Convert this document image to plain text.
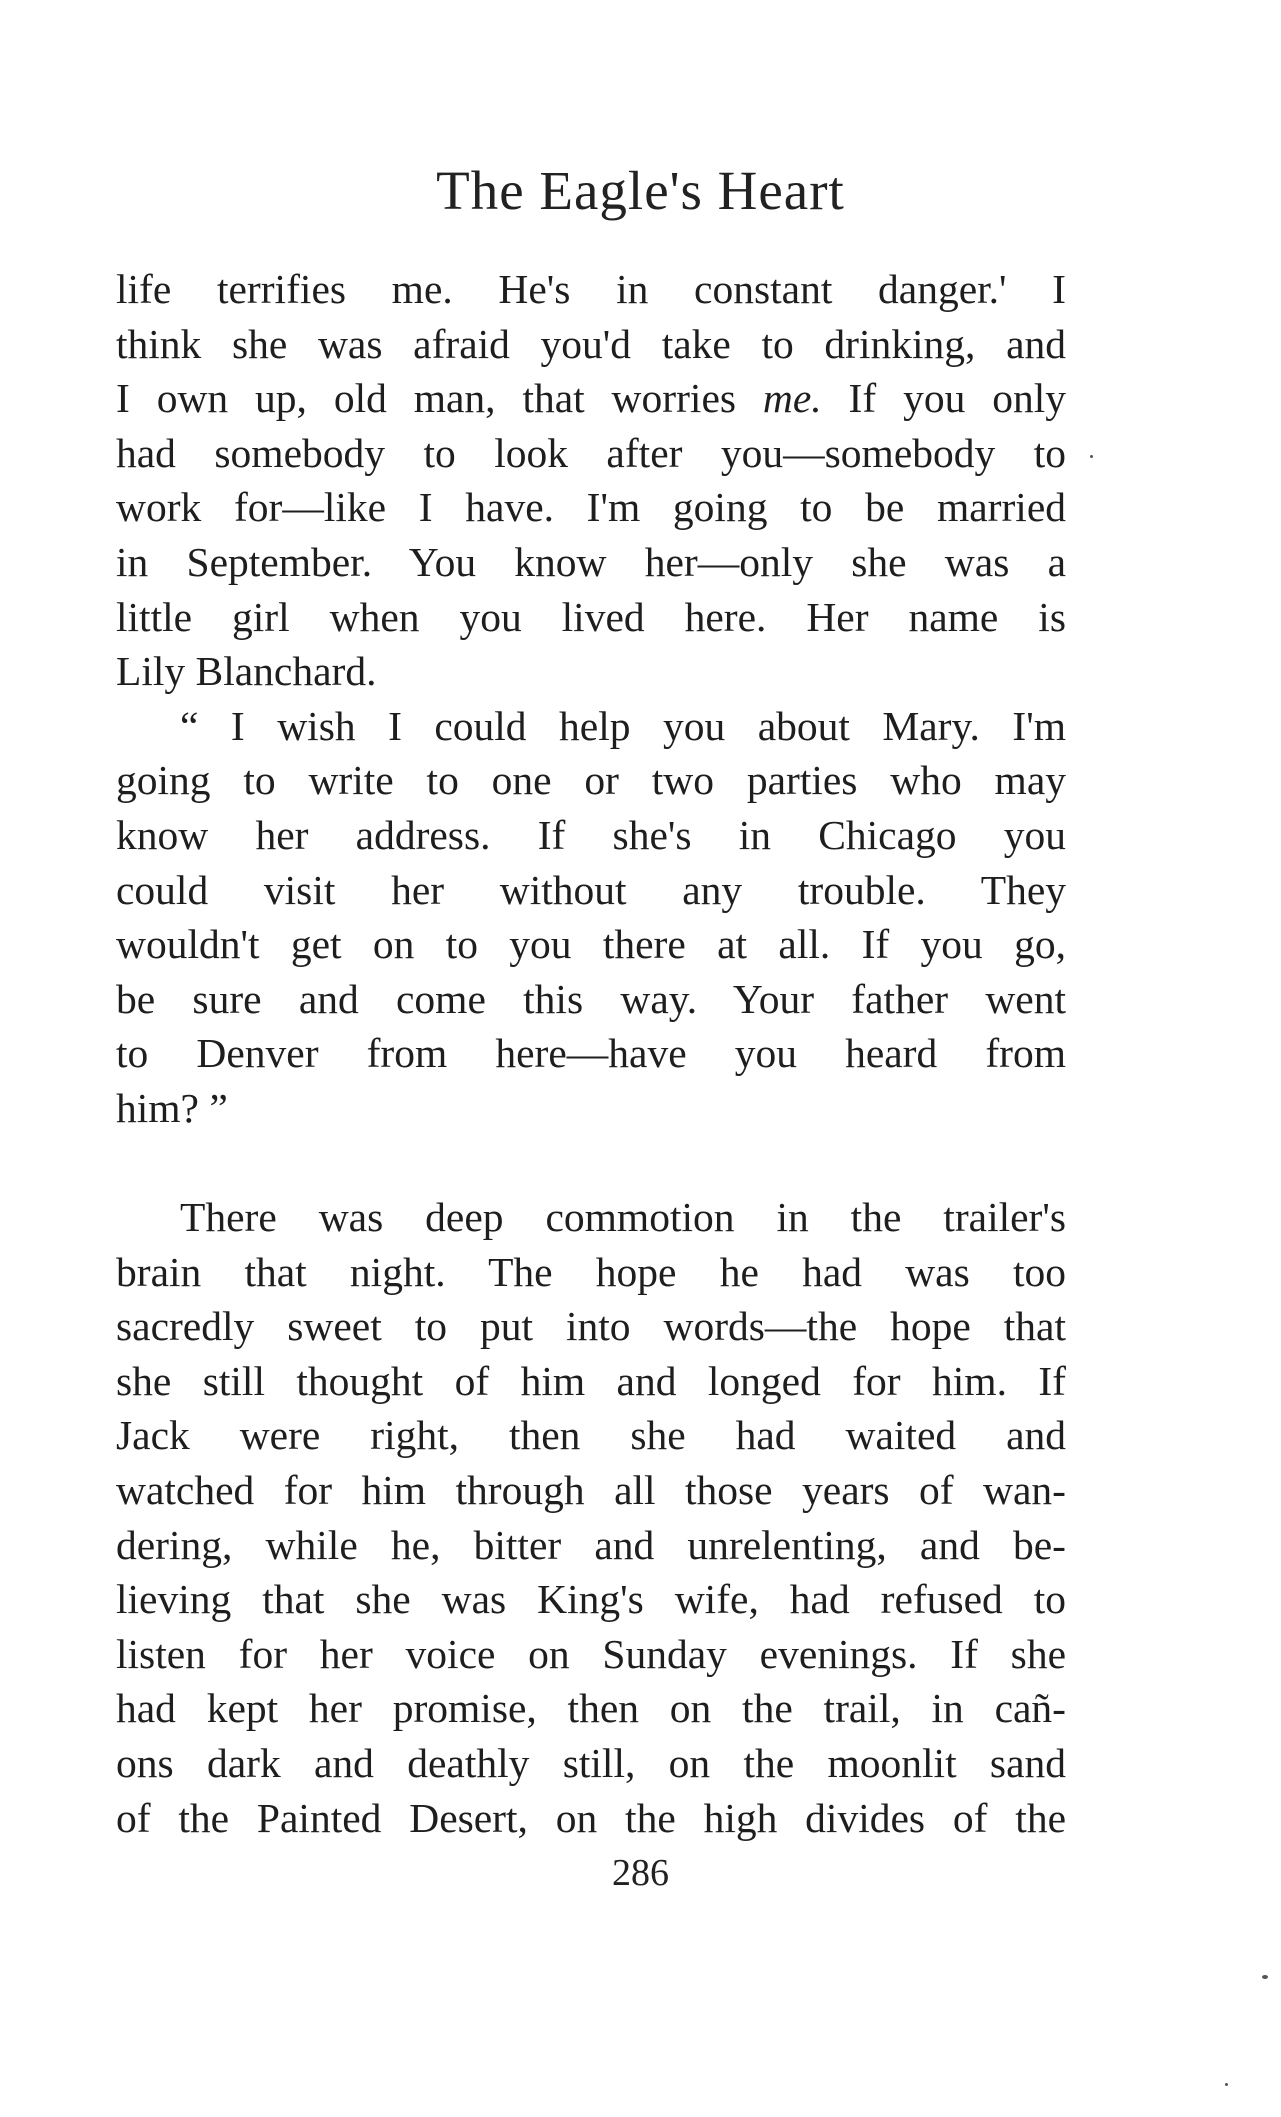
The Eagle's Heart
life terrifies me. He's in constant danger.' I
think she was afraid you'd take to drinking, and
I own up, old man, that worries me. If you only
had somebody to look after you—somebody to
work for—like I have. I'm going to be married
in September. You know her—only she was a
little girl when you lived here. Her name is
Lily Blanchard.
“ I wish I could help you about Mary. I'm
going to write to one or two parties who may
know her address. If she's in Chicago you
could visit her without any trouble. They
wouldn't get on to you there at all. If you go,
be sure and come this way. Your father went
to Denver from here—have you heard from
him? ”
There was deep commotion in the trailer's
brain that night. The hope he had was too
sacredly sweet to put into words—the hope that
she still thought of him and longed for him. If
Jack were right, then she had waited and
watched for him through all those years of wan-
dering, while he, bitter and unrelenting, and be-
lieving that she was King's wife, had refused to
listen for her voice on Sunday evenings. If she
had kept her promise, then on the trail, in cañ-
ons dark and deathly still, on the moonlit sand
of the Painted Desert, on the high divides of the
286
